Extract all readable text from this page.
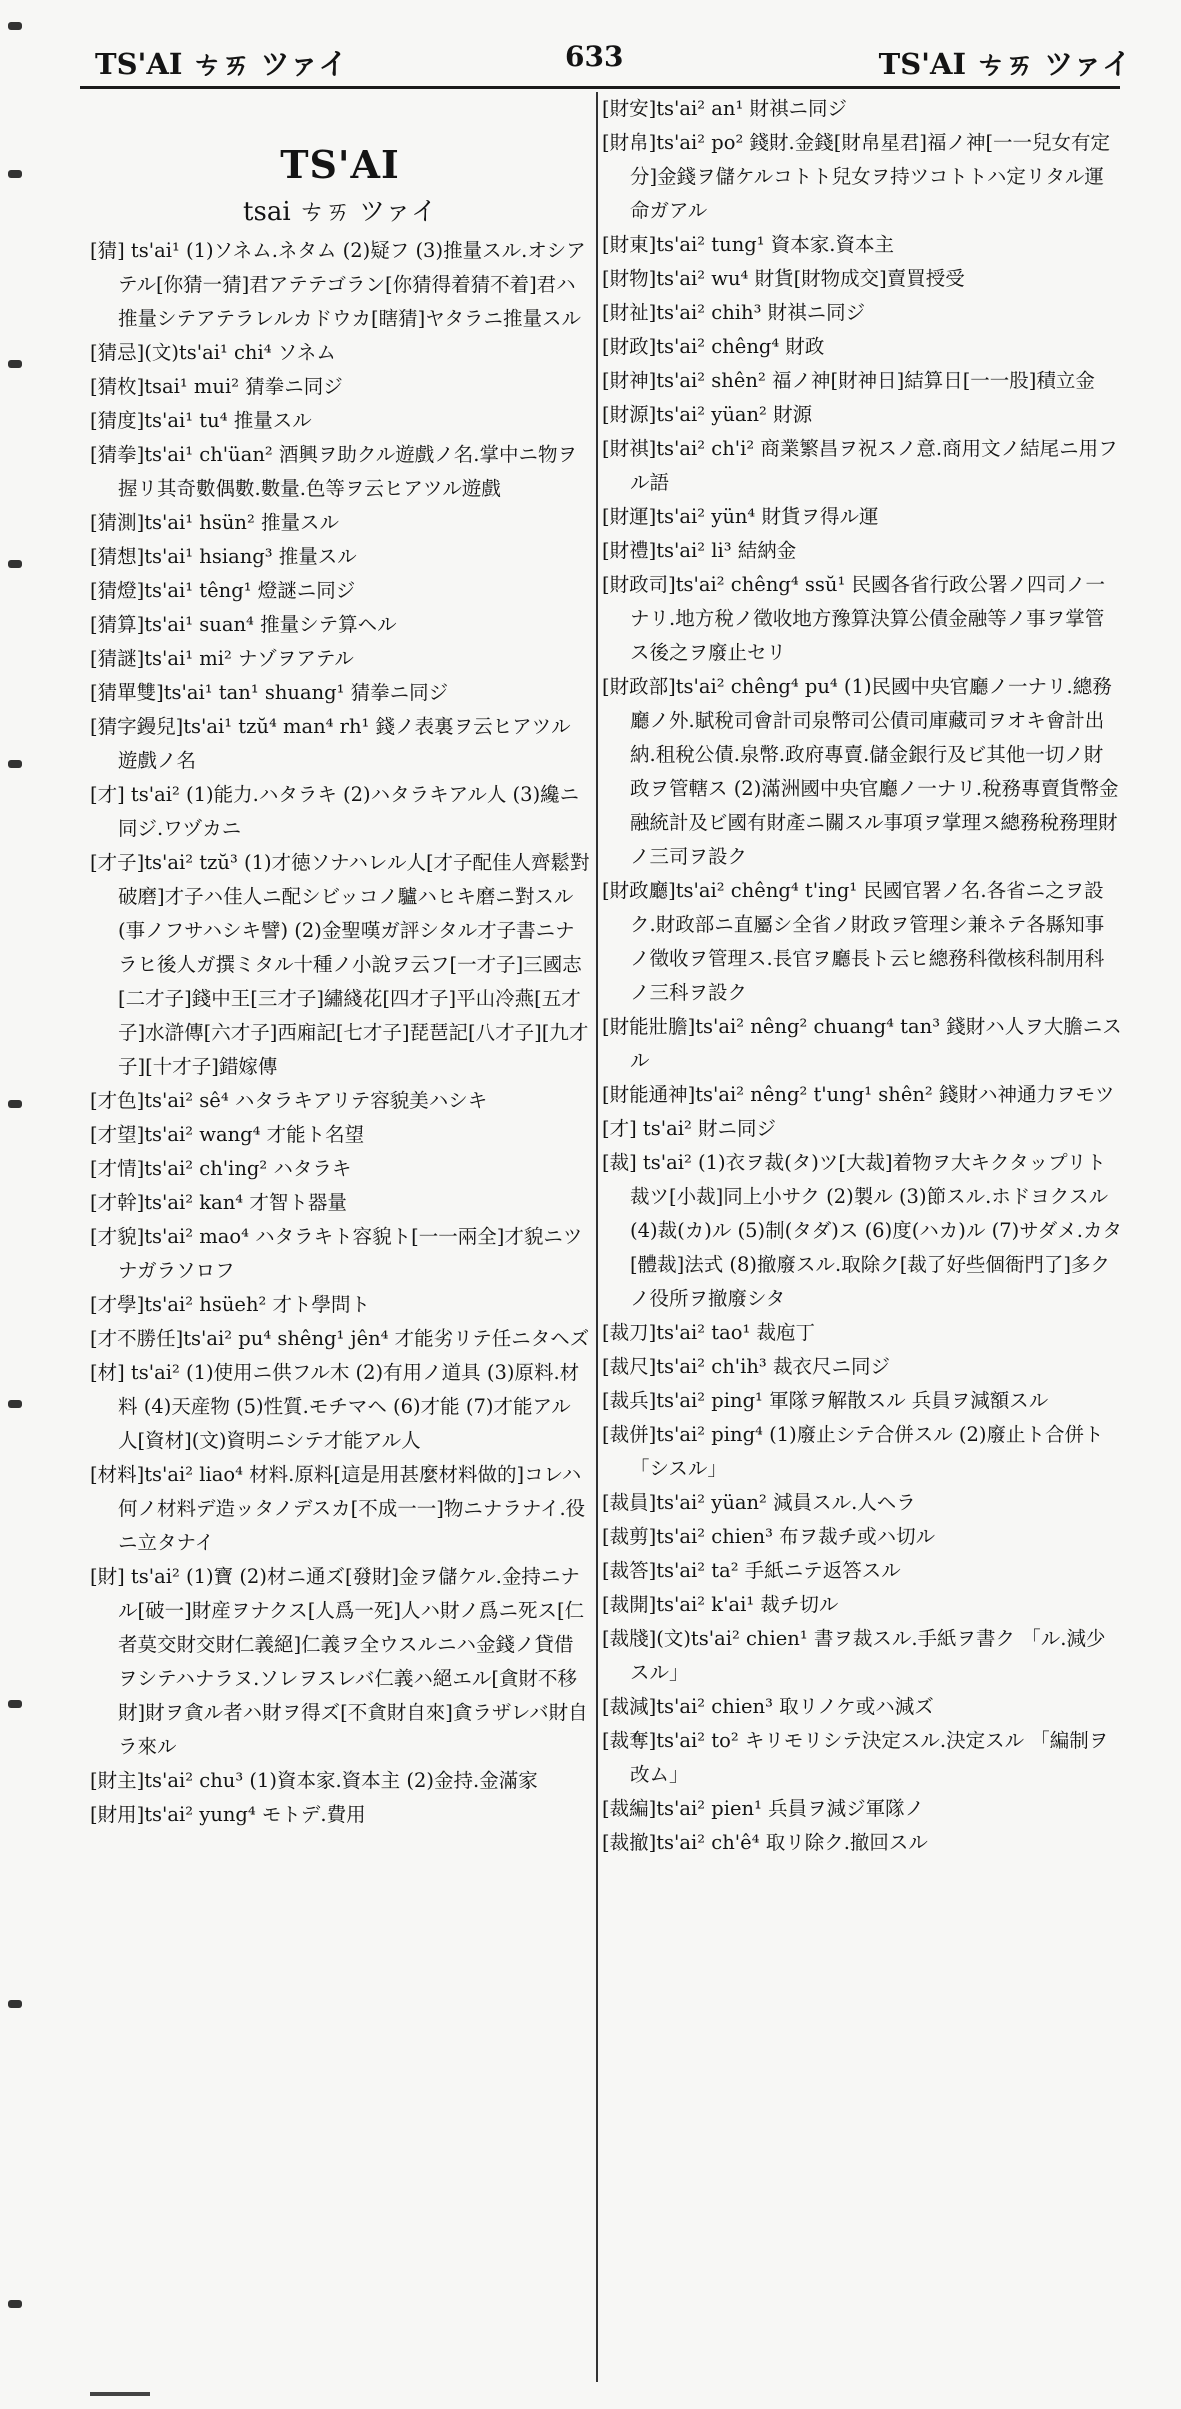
TS'AI ㄘㄞ ツァイ	633	TS'AI ㄘㄞ ツァイ
TS'AI
tsai ㄘㄞ ツァイ
[猜] ts'ai¹ (1)ソネム.ネタム (2)疑フ (3)推量スル.オシアテル[你猜一猜]君アテテゴラン[你猜得着猜不着]君ハ推量シテアテラレルカドウカ[瞎猜]ヤタラニ推量スル
[猜忌](文)ts'ai¹ chi⁴ ソネム
[猜枚]tsai¹ mui² 猜拳ニ同ジ
[猜度]ts'ai¹ tu⁴ 推量スル
[猜拳]ts'ai¹ ch'üan² 酒興ヲ助クル遊戲ノ名.掌中ニ物ヲ握リ其奇數偶數.數量.色等ヲ云ヒアツル遊戲
[猜測]ts'ai¹ hsün² 推量スル
[猜想]ts'ai¹ hsiang³ 推量スル
[猜燈]ts'ai¹ têng¹ 燈謎ニ同ジ
[猜算]ts'ai¹ suan⁴ 推量シテ算ヘル
[猜謎]ts'ai¹ mi² ナゾヲアテル
[猜單雙]ts'ai¹ tan¹ shuang¹ 猜拳ニ同ジ
[猜字鏝兒]ts'ai¹ tzŭ⁴ man⁴ rh¹ 錢ノ表裏ヲ云ヒアツル遊戲ノ名
[才] ts'ai² (1)能力.ハタラキ (2)ハタラキアル人 (3)纔ニ同ジ.ワヅカニ
[才子]ts'ai² tzŭ³ (1)才徳ソナハレル人[才子配佳人齊鬆對破磨]才子ハ佳人ニ配シビッコノ驢ハヒキ磨ニ對スル(事ノフサハシキ譬) (2)金聖嘆ガ評シタル才子書ニナラヒ後人ガ撰ミタル十種ノ小說ヲ云フ[一才子]三國志[二才子]錢中王[三才子]繡綫花[四才子]平山冷燕[五才子]水滸傳[六才子]西廂記[七才子]琵琶記[八才子][九才子][十才子]錯嫁傳
[才色]ts'ai² sê⁴ ハタラキアリテ容貌美ハシキ
[才望]ts'ai² wang⁴ 才能ト名望
[才情]ts'ai² ch'ing² ハタラキ
[才幹]ts'ai² kan⁴ 才智ト器量
[才貌]ts'ai² mao⁴ ハタラキト容貌ト[一一兩全]才貌ニツナガラソロフ
[才學]ts'ai² hsüeh² 才ト學問ト
[才不勝任]ts'ai² pu⁴ shêng¹ jên⁴ 才能劣リテ任ニタヘズ
[材] ts'ai² (1)使用ニ供フル木 (2)有用ノ道具 (3)原料.材料 (4)天産物 (5)性質.モチマヘ (6)才能 (7)才能アル人[資材](文)資明ニシテ才能アル人
[材料]ts'ai² liao⁴ 材料.原料[這是用甚麼材料做的]コレハ何ノ材料デ造ッタノデスカ[不成一一]物ニナラナイ.役ニ立タナイ
[財] ts'ai² (1)寶 (2)材ニ通ズ[發財]金ヲ儲ケル.金持ニナル[破一]財産ヲナクス[人爲一死]人ハ財ノ爲ニ死ス[仁者莫交財交財仁義絕]仁義ヲ全ウスルニハ金錢ノ貸借ヲシテハナラヌ.ソレヲスレバ仁義ハ絕エル[貪財不移財]財ヲ貪ル者ハ財ヲ得ズ[不貪財自來]貪ラザレバ財自ラ來ル
[財主]ts'ai² chu³ (1)資本家.資本主 (2)金持.金滿家
[財用]ts'ai² yung⁴ モトデ.費用
[財安]ts'ai² an¹ 財祺ニ同ジ
[財帛]ts'ai² po² 錢財.金錢[財帛星君]福ノ神[一一兒女有定分]金錢ヲ儲ケルコトト兒女ヲ持ツコトトハ定リタル運命ガアル
[財東]ts'ai² tung¹ 資本家.資本主
[財物]ts'ai² wu⁴ 財貨[財物成交]賣買授受
[財祉]ts'ai² chih³ 財祺ニ同ジ
[財政]ts'ai² chêng⁴ 財政
[財神]ts'ai² shên² 福ノ神[財神日]結算日[一一股]積立金
[財源]ts'ai² yüan² 財源
[財祺]ts'ai² ch'i² 商業繁昌ヲ祝スノ意.商用文ノ結尾ニ用フル語
[財運]ts'ai² yün⁴ 財貨ヲ得ル運
[財禮]ts'ai² li³ 結納金
[財政司]ts'ai² chêng⁴ ssŭ¹ 民國各省行政公署ノ四司ノ一ナリ.地方稅ノ徵收地方豫算決算公債金融等ノ事ヲ掌管ス後之ヲ廢止セリ
[財政部]ts'ai² chêng⁴ pu⁴ (1)民國中央官廳ノ一ナリ.總務廳ノ外.賦稅司會計司泉幣司公債司庫藏司ヲオキ會計出納.租稅公債.泉幣.政府專賣.儲金銀行及ビ其他一切ノ財政ヲ管轄ス (2)滿洲國中央官廳ノ一ナリ.稅務專賣貨幣金融統計及ビ國有財產ニ關スル事項ヲ掌理ス總務稅務理財ノ三司ヲ設ク
[財政廳]ts'ai² chêng⁴ t'ing¹ 民國官署ノ名.各省ニ之ヲ設ク.財政部ニ直屬シ全省ノ財政ヲ管理シ兼ネテ各縣知事ノ徵收ヲ管理ス.長官ヲ廳長ト云ヒ總務科徵核科制用科ノ三科ヲ設ク
[財能壯膽]ts'ai² nêng² chuang⁴ tan³ 錢財ハ人ヲ大膽ニスル
[財能通神]ts'ai² nêng² t'ung¹ shên² 錢財ハ神通力ヲモツ
[才] ts'ai² 財ニ同ジ
[裁] ts'ai² (1)衣ヲ裁(タ)ツ[大裁]着物ヲ大キクタップリト裁ツ[小裁]同上小サク (2)製ル (3)節スル.ホドヨクスル (4)裁(カ)ル (5)制(タダ)ス (6)度(ハカ)ル (7)サダメ.カタ[體裁]法式 (8)撤廢スル.取除ク[裁了好些個衙門了]多クノ役所ヲ撤廢シタ
[裁刀]ts'ai² tao¹ 裁庖丁
[裁尺]ts'ai² ch'ih³ 裁衣尺ニ同ジ
[裁兵]ts'ai² ping¹ 軍隊ヲ解散スル 兵員ヲ減額スル
[裁併]ts'ai² ping⁴ (1)廢止シテ合併スル (2)廢止ト合併ト 「シスル」
[裁員]ts'ai² yüan² 減員スル.人ヘラ
[裁剪]ts'ai² chien³ 布ヲ裁チ或ハ切ル
[裁答]ts'ai² ta² 手紙ニテ返答スル
[裁開]ts'ai² k'ai¹ 裁チ切ル
[裁牋](文)ts'ai² chien¹ 書ヲ裁スル.手紙ヲ書ク 「ル.減少スル」
[裁減]ts'ai² chien³ 取リノケ或ハ減ズ
[裁奪]ts'ai² to² キリモリシテ決定スル.決定スル 「編制ヲ改ム」
[裁編]ts'ai² pien¹ 兵員ヲ減ジ軍隊ノ
[裁撤]ts'ai² ch'ê⁴ 取リ除ク.撤回スル
